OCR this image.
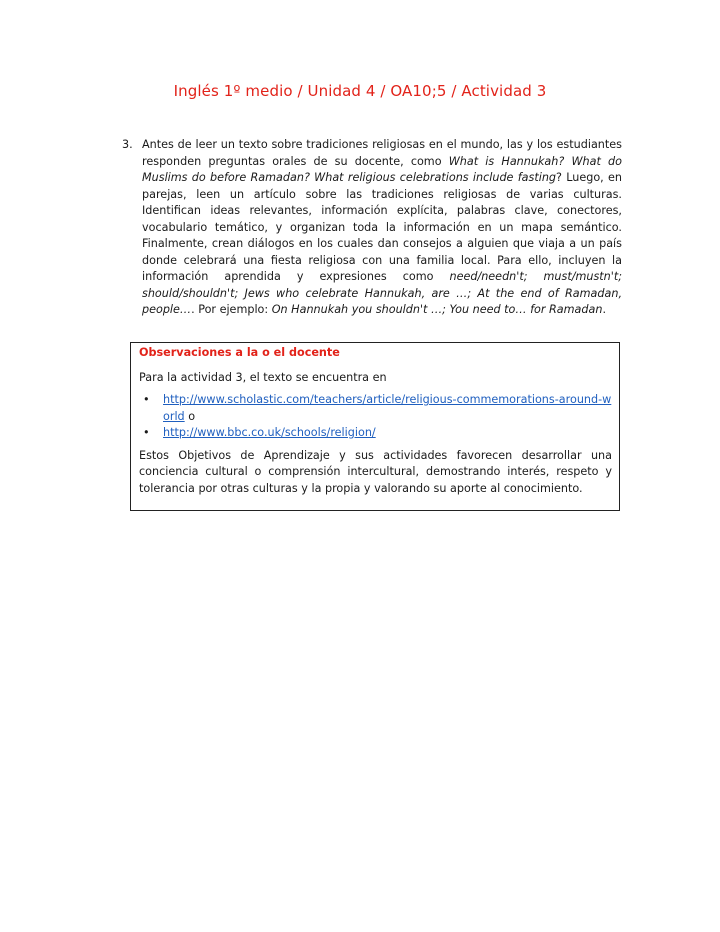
Inglés 1º medio / Unidad 4 / OA10;5 / Actividad 3
3. Antes de leer un texto sobre tradiciones religiosas en el mundo, las y los estudiantes responden preguntas orales de su docente, como What is Hannukah? What do Muslims do before Ramadan? What religious celebrations include fasting? Luego, en parejas, leen un artículo sobre las tradiciones religiosas de varias culturas. Identifican ideas relevantes, información explícita, palabras clave, conectores, vocabulario temático, y organizan toda la información en un mapa semántico. Finalmente, crean diálogos en los cuales dan consejos a alguien que viaja a un país donde celebrará una fiesta religiosa con una familia local. Para ello, incluyen la información aprendida y expresiones como need/needn't; must/mustn't; should/shouldn't; Jews who celebrate Hannukah, are …; At the end of Ramadan, people…. Por ejemplo: On Hannukah you shouldn't …; You need to… for Ramadan.

Observaciones a la o el docente

Para la actividad 3, el texto se encuentra en

• http://www.scholastic.com/teachers/article/religious-commemorations-around-world o
• http://www.bbc.co.uk/schools/religion/

Estos Objetivos de Aprendizaje y sus actividades favorecen desarrollar una conciencia cultural o comprensión intercultural, demostrando interés, respeto y tolerancia por otras culturas y la propia y valorando su aporte al conocimiento.
